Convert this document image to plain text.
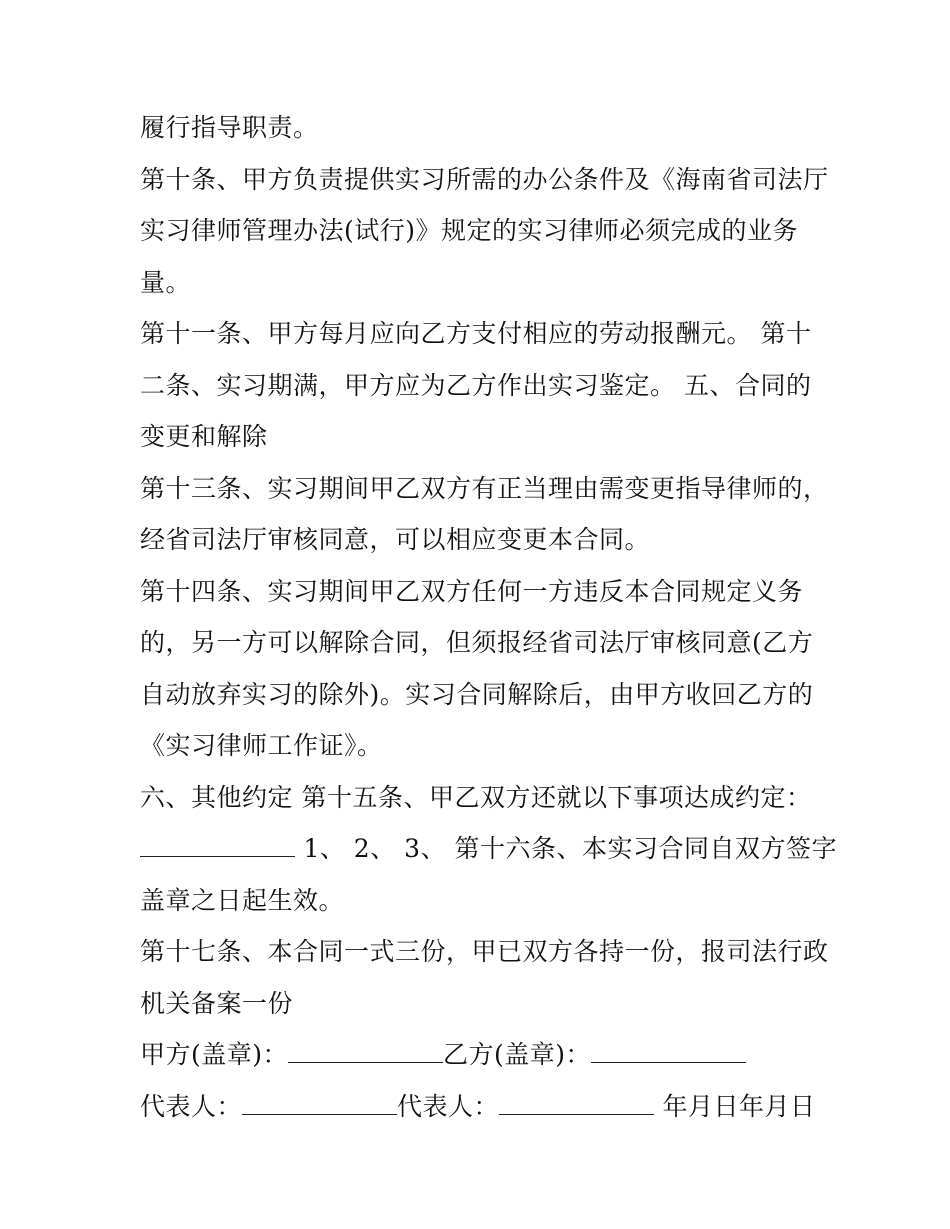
履行指导职责。

第十条、甲方负责提供实习所需的办公条件及《海南省司法厅

实习律师管理办法(试行)》规定的实习律师必须完成的业务

量。

第十一条、甲方每月应向乙方支付相应的劳动报酬元。 第十

二条、实习期满，甲方应为乙方作出实习鉴定。 五、合同的

变更和解除

第十三条、实习期间甲乙双方有正当理由需变更指导律师的，

经省司法厅审核同意，可以相应变更本合同。

第十四条、实习期间甲乙双方任何一方违反本合同规定义务

的，另一方可以解除合同，但须报经省司法厅审核同意(乙方

自动放弃实习的除外)。实习合同解除后，由甲方收回乙方的

《实习律师工作证》。

六、其他约定 第十五条、甲乙双方还就以下事项达成约定：

1、 2、 3、 第十六条、本实习合同自双方签字

盖章之日起生效。

第十七条、本合同一式三份，甲已双方各持一份，报司法行政

机关备案一份

甲方(盖章)：	乙方(盖章)：

代表人：	代表人：	年月日年月日
